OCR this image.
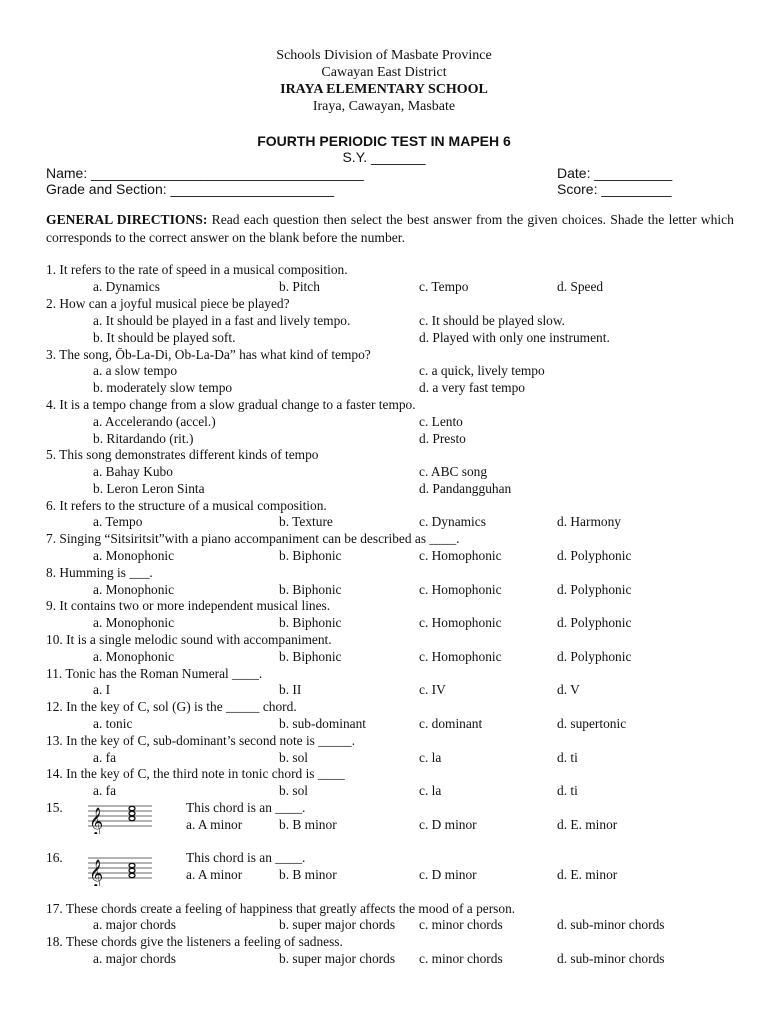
Schools Division of Masbate Province
Cawayan East District
IRAYA ELEMENTARY SCHOOL
Iraya, Cawayan, Masbate
FOURTH PERIODIC TEST IN MAPEH 6
S.Y. _______
Name: ___________________________________	Date: __________
Grade and Section: _____________________	Score: _________
GENERAL DIRECTIONS: Read each question then select the best answer from the given choices. Shade the letter which corresponds to the correct answer on the blank before the number.
1. It refers to the rate of speed in a musical composition.
a. Dynamics	b. Pitch	c. Tempo	d. Speed
2. How can a joyful musical piece be played?
a. It should be played in a fast and lively tempo.	c. It should be played slow.
b. It should be played soft.	d. Played with only one instrument.
3. The song, Ōb-La-Di, Ob-La-Da” has what kind of tempo?
a. a slow tempo	c. a quick, lively tempo
b. moderately slow tempo	d. a very fast tempo
4. It is a tempo change from a slow gradual change to a faster tempo.
a. Accelerando (accel.)	c. Lento
b. Ritardando (rit.)	d. Presto
5. This song demonstrates different kinds of tempo
a. Bahay Kubo	c. ABC song
b. Leron Leron Sinta	d. Pandangguhan
6. It refers to the structure of a musical composition.
a. Tempo	b. Texture	c. Dynamics	d. Harmony
7. Singing “Sitsiritsit”with a piano accompaniment can be described as ____.
a. Monophonic	b. Biphonic	c. Homophonic	d. Polyphonic
8. Humming is ___.
a. Monophonic	b. Biphonic	c. Homophonic	d. Polyphonic
9. It contains two or more independent musical lines.
a. Monophonic	b. Biphonic	c. Homophonic	d. Polyphonic
10. It is a single melodic sound with accompaniment.
a. Monophonic	b. Biphonic	c. Homophonic	d. Polyphonic
11. Tonic has the Roman Numeral ____.
a. I	b. II	c. IV	d. V
12. In the key of C, sol (G) is the _____ chord.
a. tonic	b. sub-dominant	c. dominant	d. supertonic
13. In the key of C, sub-dominant’s second note is _____.
a. fa	b. sol	c. la	d. ti
14. In the key of C, the third note in tonic chord is ____
a. fa	b. sol	c. la	d. ti
15. 𝄞	This chord is an ____.
a. A minor	b. B minor	c. D minor	d. E. minor
16.
𝄞
This chord is an ____.
a. A minor	b. B minor	c. D minor	d. E. minor
17. These chords create a feeling of happiness that greatly affects the mood of a person.
a. major chords	b. super major chords c. minor chords	d. sub-minor chords
18. These chords give the listeners a feeling of sadness.
a. major chords	b. super major chords c. minor chords	d. sub-minor chords
